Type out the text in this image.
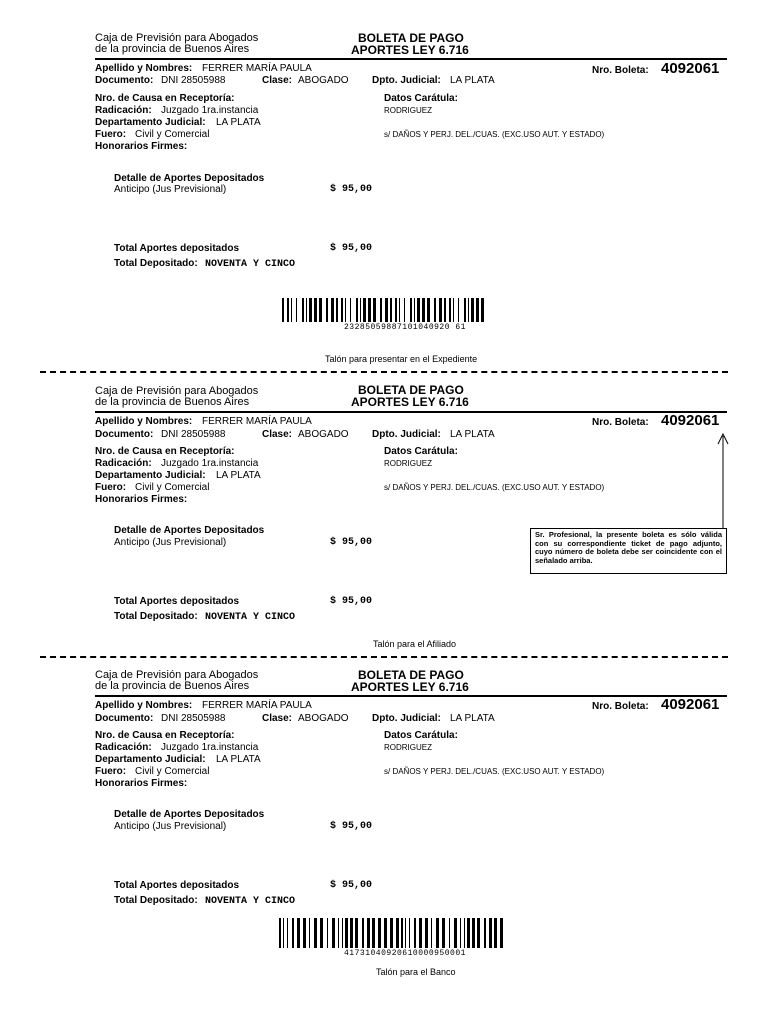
Caja de Previsión para Abogados
de la provincia de Buenos Aires
BOLETA DE PAGO
APORTES LEY 6.716
Apellido y Nombres: FERRER MARÍA PAULA	Nro. Boleta: 4092061
Documento: DNI 28505988	Clase: ABOGADO Dpto. Judicial: LA PLATA
Nro. de Causa en Receptoría:	Datos Carátula:
Radicación: Juzgado 1ra.instancia	RODRIGUEZ
Departamento Judicial: LA PLATA
Fuero: Civil y Comercial	s/ DAÑOS Y PERJ. DEL./CUAS. (EXC.USO AUT. Y ESTADO)
Honorarios Firmes:
Detalle de Aportes Depositados
Anticipo (Jus Previsional)	$ 95,00
Total Aportes depositados	$ 95,00
Total Depositado: NOVENTA Y CINCO
23285059887101040920 61
Talón para presentar en el Expediente
Caja de Previsión para Abogados
de la provincia de Buenos Aires
BOLETA DE PAGO
APORTES LEY 6.716
Apellido y Nombres: FERRER MARÍA PAULA	Nro. Boleta: 4092061
Documento: DNI 28505988	Clase: ABOGADO Dpto. Judicial: LA PLATA
Nro. de Causa en Receptoría:	Datos Carátula:
Radicación: Juzgado 1ra.instancia	RODRIGUEZ
Departamento Judicial: LA PLATA
Fuero: Civil y Comercial	s/ DAÑOS Y PERJ. DEL./CUAS. (EXC.USO AUT. Y ESTADO)
Honorarios Firmes:
Detalle de Aportes Depositados
Anticipo (Jus Previsional)	$ 95,00
Sr. Profesional, la presente boleta es sólo válida con su correspondiente ticket de pago adjunto, cuyo número de boleta debe ser coincidente con el señalado arriba.
Total Aportes depositados	$ 95,00
Total Depositado: NOVENTA Y CINCO
Talón para el Afiliado
Caja de Previsión para Abogados
de la provincia de Buenos Aires
BOLETA DE PAGO
APORTES LEY 6.716
Apellido y Nombres: FERRER MARÍA PAULA	Nro. Boleta: 4092061
Documento: DNI 28505988	Clase: ABOGADO Dpto. Judicial: LA PLATA
Nro. de Causa en Receptoría:	Datos Carátula:
Radicación: Juzgado 1ra.instancia	RODRIGUEZ
Departamento Judicial: LA PLATA
Fuero: Civil y Comercial	s/ DAÑOS Y PERJ. DEL./CUAS. (EXC.USO AUT. Y ESTADO)
Honorarios Firmes:
Detalle de Aportes Depositados
Anticipo (Jus Previsional)	$ 95,00
Total Aportes depositados	$ 95,00
Total Depositado: NOVENTA Y CINCO
41731040920610000950001
Talón para el Banco
